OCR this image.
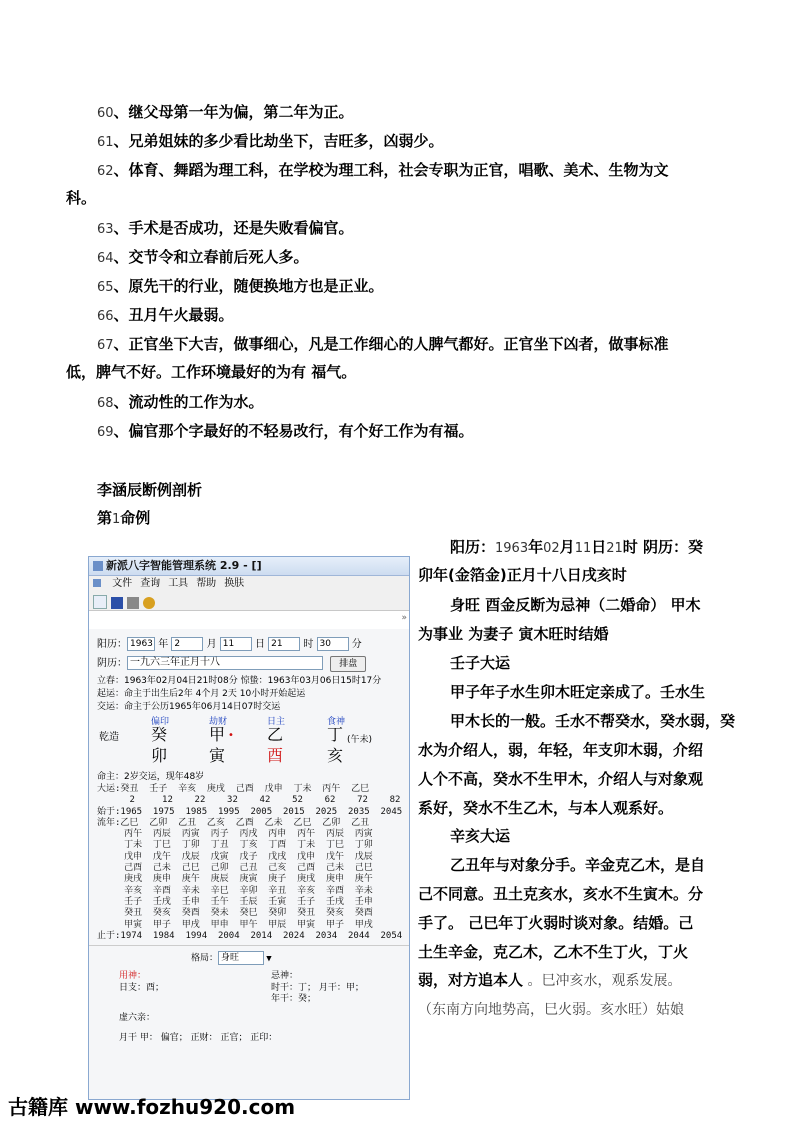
60、继父母第一年为偏，第二年为正。
61、兄弟姐妹的多少看比劫坐下，吉旺多，凶弱少。
62、体育、舞蹈为理工科，在学校为理工科，社会专职为正官，唱歌、美术、生物为文
科。
63、手术是否成功，还是失败看偏官。
64、交节令和立春前后死人多。
65、原先干的行业，随便换地方也是正业。
66、丑月午火最弱。
67、正官坐下大吉，做事细心，凡是工作细心的人脾气都好。正官坐下凶者，做事标准
低，脾气不好。工作环境最好的为有 福气。
68、流动性的工作为水。
69、偏官那个字最好的不轻易改行，有个好工作为有福。
李涵辰断例剖析
第1命例
阳历：1963年02月11日21时 阴历：癸
卯年(金箔金)正月十八日戌亥时
身旺 酉金反断为忌神（二婚命） 甲木
为事业 为妻子 寅木旺时结婚
壬子大运
甲子年子水生卯木旺定亲成了。壬水生
甲木长的一般。壬水不帮癸水，癸水弱，癸
水为介绍人，弱，年轻，年支卯木弱，介绍
人个不高，癸水不生甲木，介绍人与对象观
系好，癸水不生乙木，与本人观系好。
辛亥大运
乙丑年与对象分手。辛金克乙木，是自
己不同意。丑土克亥水，亥水不生寅木。分
手了。 己巳年丁火弱时谈对象。结婚。己
土生辛金，克乙木，乙木不生丁火，丁火
弱，对方追本人 。巳冲亥水，观系发展。
（东南方向地势高，巳火弱。亥水旺）姑娘
新派八字智能管理系统 2.9 - []
文件 查询 工具 帮助 换肤
»
阳历： 1963 年 2	月 11 日 21 时 30 分
阴历： 一九六三年正月十八	排盘
立春：1963年02月04日21时08分 惊蛰：1963年03月06日15时17分
起运：命主于出生后2年 4个月 2天 10小时开始起运
交运：命主于公历1965年06月14日07时交运
偏印	劫财	日主	食神
乾造 癸	甲 • 乙	丁 (午未)
卯	寅	酉	亥
命主：2岁交运，现年48岁
大运:癸丑  壬子  辛亥  庚戌  己酉  戊申  丁未  丙午  乙巳
2     12    22    32    42    52    62    72    82
始于:1965  1975  1985  1995  2005  2015  2025  2035  2045
流年:乙巳  乙卯  乙丑  乙亥  乙酉  乙未  乙巳  乙卯  乙丑
丙午  丙辰  丙寅  丙子  丙戌  丙申  丙午  丙辰  丙寅
丁未  丁巳  丁卯  丁丑  丁亥  丁酉  丁未  丁巳  丁卯
戊申  戊午  戊辰  戊寅  戊子  戊戌  戊申  戊午  戊辰
己酉  己未  己巳  己卯  己丑  己亥  己酉  己未  己巳
庚戌  庚申  庚午  庚辰  庚寅  庚子  庚戌  庚申  庚午
辛亥  辛酉  辛未  辛巳  辛卯  辛丑  辛亥  辛酉  辛未
壬子  壬戌  壬申  壬午  壬辰  壬寅  壬子  壬戌  壬申
癸丑  癸亥  癸酉  癸未  癸巳  癸卯  癸丑  癸亥  癸酉
甲寅  甲子  甲戌  甲申  甲午  甲辰  甲寅  甲子  甲戌
止于:1974  1984  1994  2004  2014  2024  2034  2044  2054
格局： 身旺	▼
用神：	忌神：
日支：酉；	时干：丁； 月干：甲；
年干：癸；
虚六亲：
月干 甲： 偏官； 正财： 正官； 正印：
古籍库 www.fozhu920.com
